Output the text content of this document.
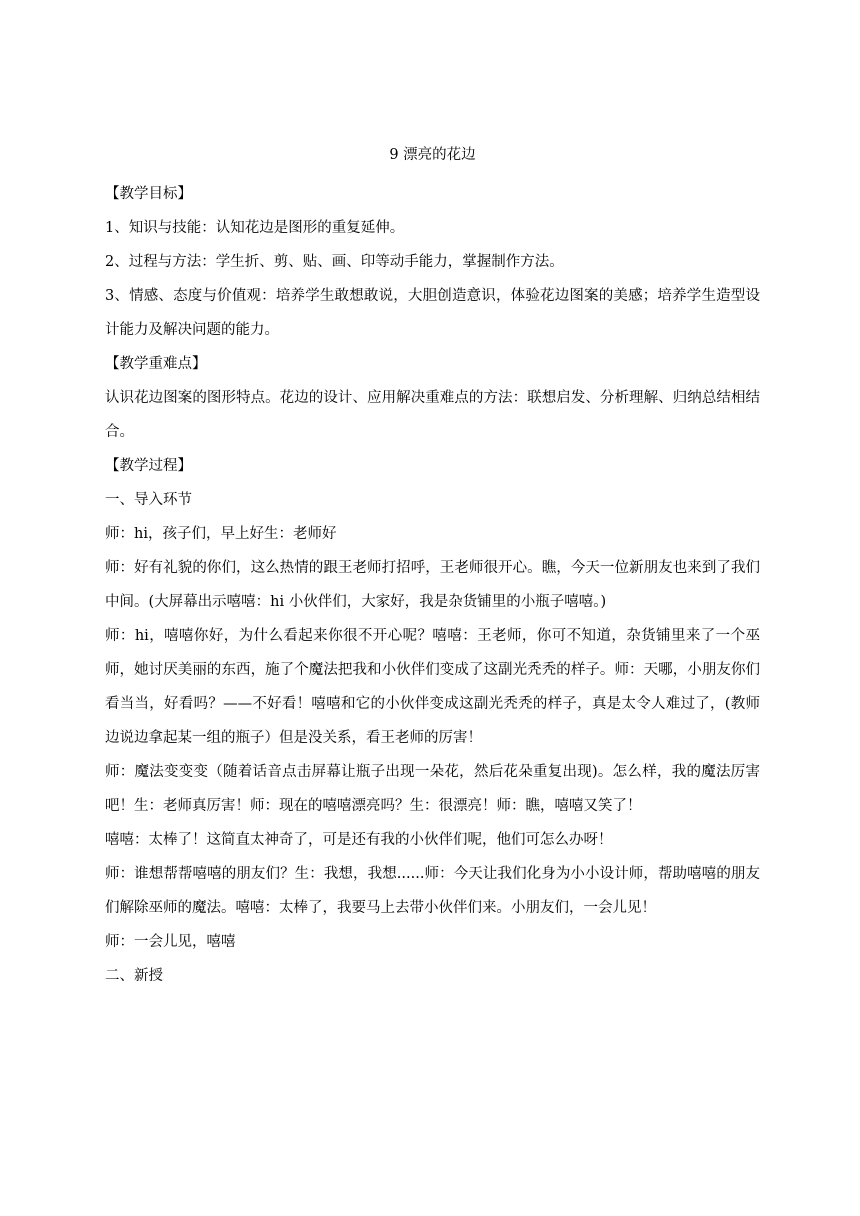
9 漂亮的花边

【教学目标】

1、知识与技能：认知花边是图形的重复延伸。

2、过程与方法：学生折、剪、贴、画、印等动手能力，掌握制作方法。

3、情感、态度与价值观：培养学生敢想敢说，大胆创造意识，体验花边图案的美感；培养学生造型设计能力及解决问题的能力。

【教学重难点】

认识花边图案的图形特点。花边的设计、应用解决重难点的方法：联想启发、分析理解、归纳总结相结合。

【教学过程】

一、导入环节

师：hi，孩子们，早上好生：老师好

师：好有礼貌的你们，这么热情的跟王老师打招呼，王老师很开心。瞧，今天一位新朋友也来到了我们中间。(大屏幕出示嘻嘻：hi 小伙伴们，大家好，我是杂货铺里的小瓶子嘻嘻。)

师：hi，嘻嘻你好，为什么看起来你很不开心呢？嘻嘻：王老师，你可不知道，杂货铺里来了一个巫师，她讨厌美丽的东西，施了个魔法把我和小伙伴们变成了这副光秃秃的样子。师：天哪，小朋友你们看当当，好看吗？——不好看！嘻嘻和它的小伙伴变成这副光秃秃的样子，真是太令人难过了，(教师边说边拿起某一组的瓶子）但是没关系，看王老师的厉害！

师：魔法变变变（随着话音点击屏幕让瓶子出现一朵花，然后花朵重复出现)。怎么样，我的魔法厉害吧！生：老师真厉害！师：现在的嘻嘻漂亮吗？生：很漂亮！师：瞧，嘻嘻又笑了！

嘻嘻：太棒了！这简直太神奇了，可是还有我的小伙伴们呢，他们可怎么办呀！

师：谁想帮帮嘻嘻的朋友们？生：我想，我想......师：今天让我们化身为小小设计师，帮助嘻嘻的朋友们解除巫师的魔法。嘻嘻：太棒了，我要马上去带小伙伴们来。小朋友们，一会儿见！

师：一会儿见，嘻嘻

二、新授
